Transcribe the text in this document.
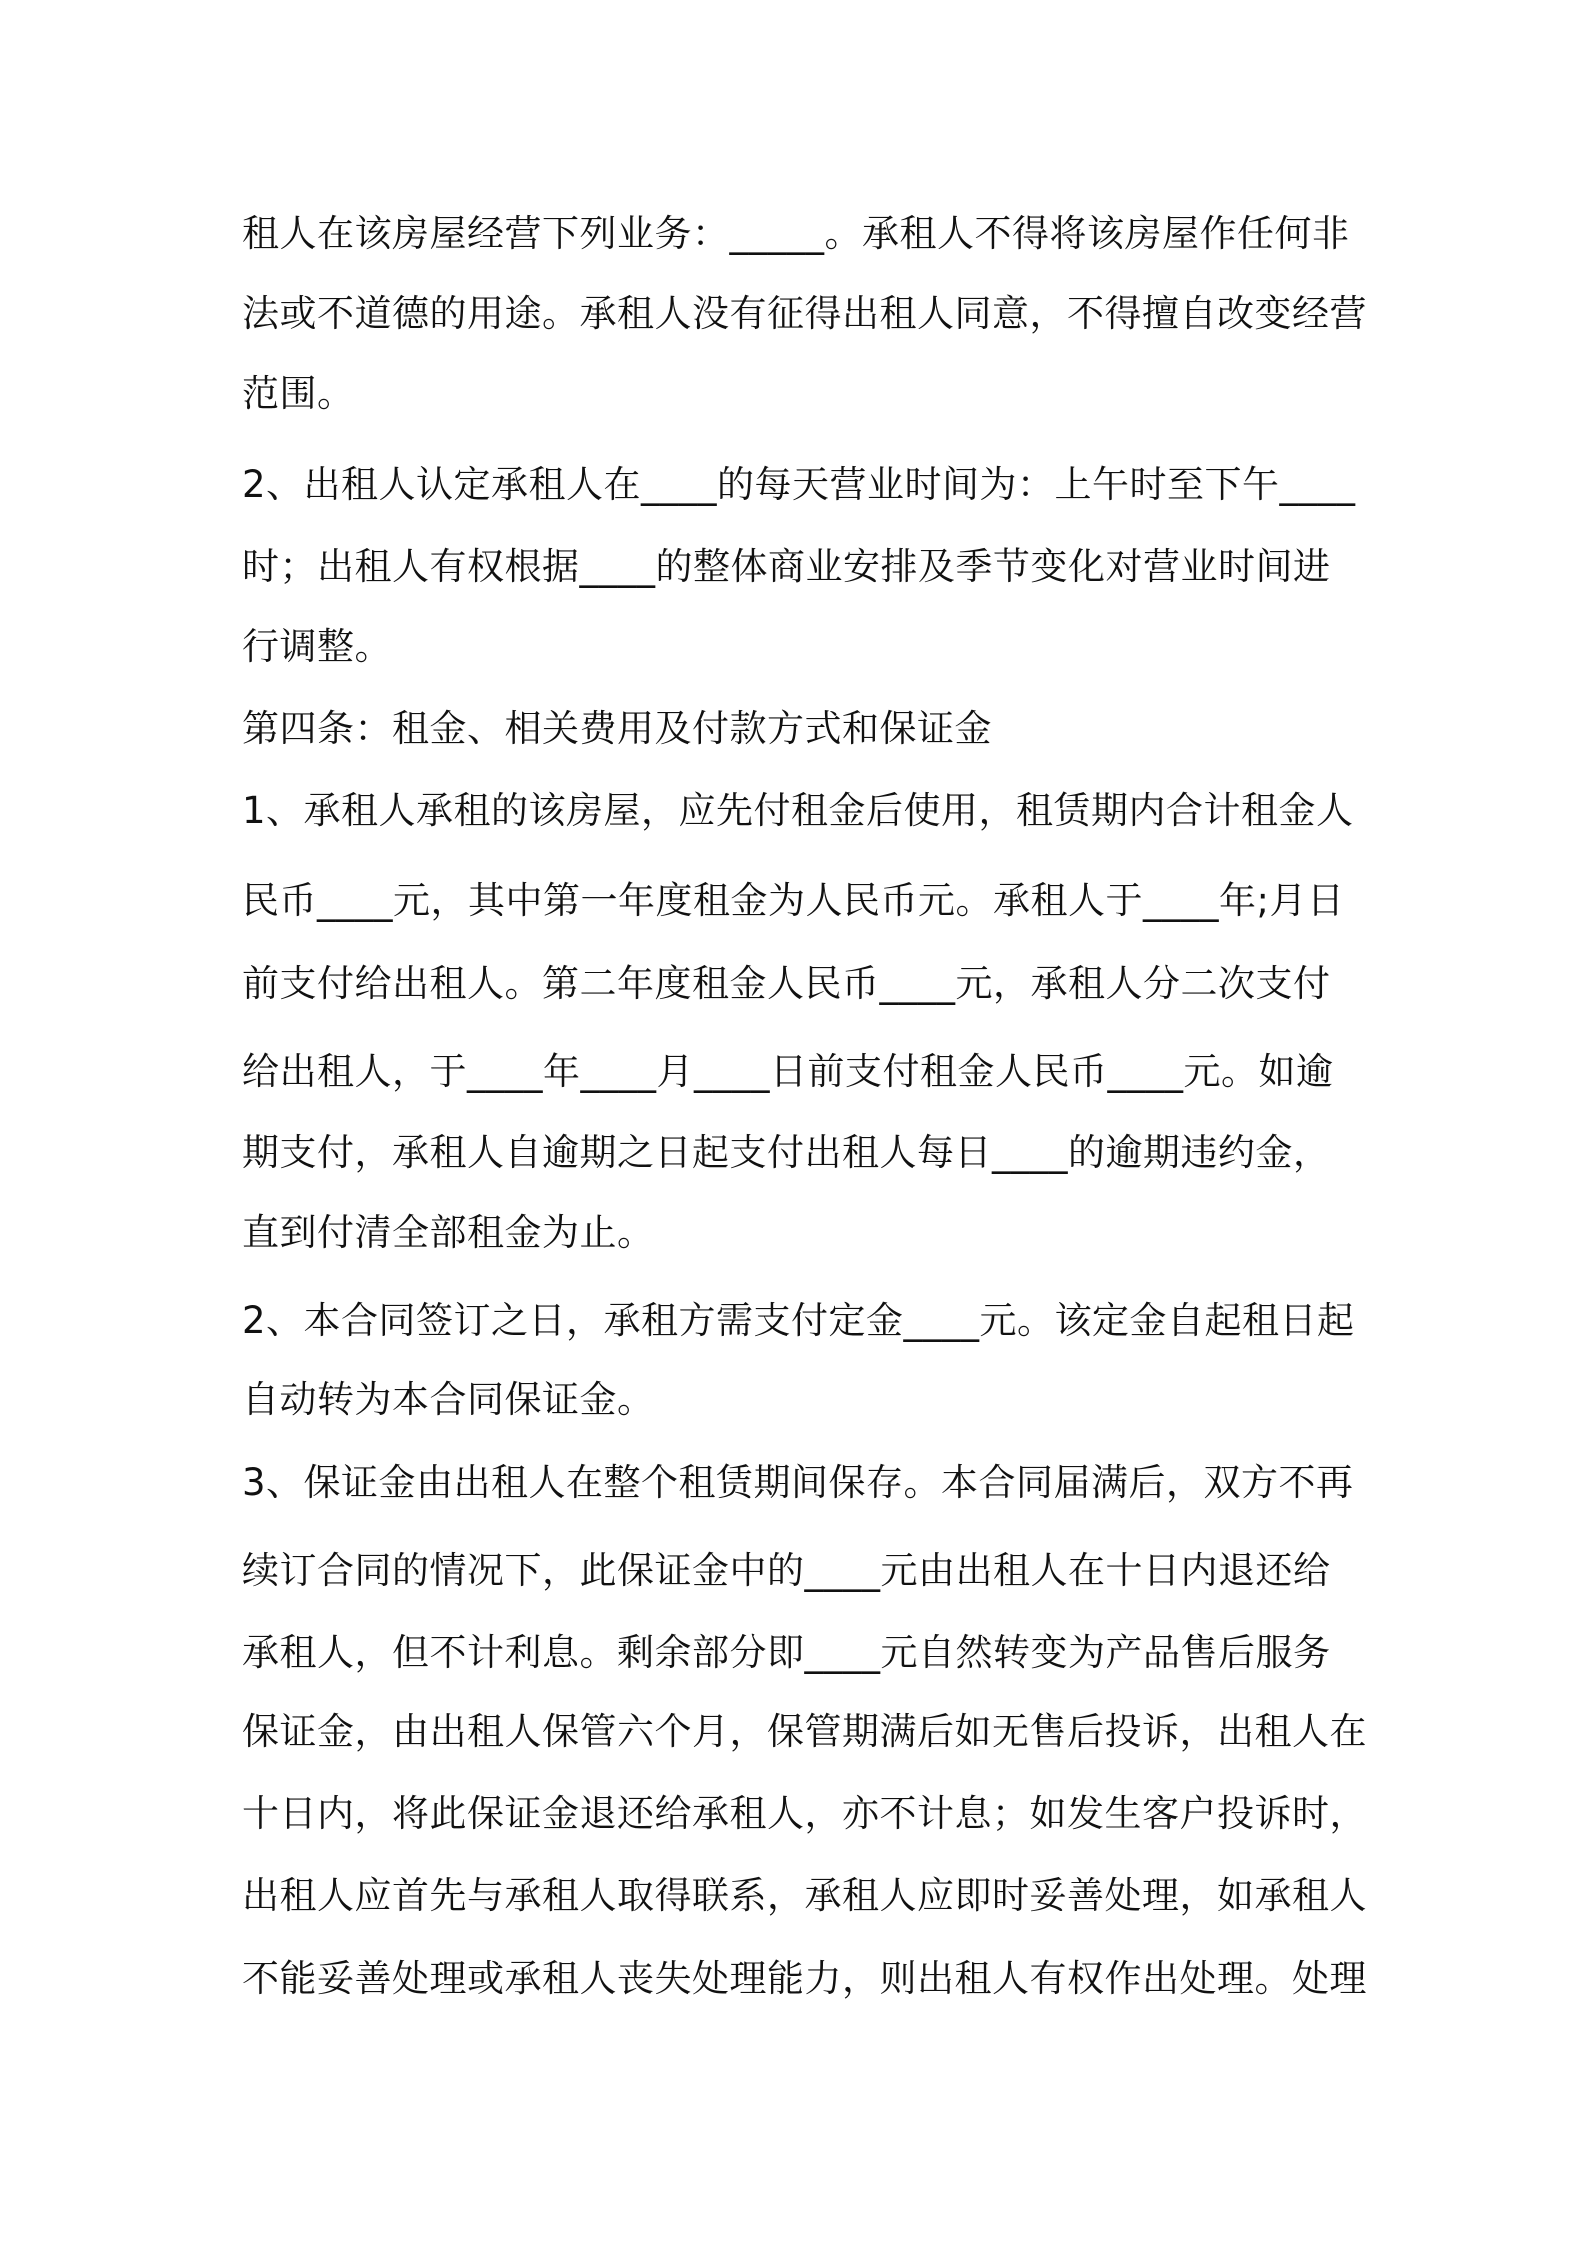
租人在该房屋经营下列业务：_____。承租人不得将该房屋作任何非
法或不道德的用途。承租人没有征得出租人同意，不得擅自改变经营
范围。
2、出租人认定承租人在____的每天营业时间为：上午时至下午____
时；出租人有权根据____的整体商业安排及季节变化对营业时间进
行调整。
第四条：租金、相关费用及付款方式和保证金
1、承租人承租的该房屋，应先付租金后使用，租赁期内合计租金人
民币____元，其中第一年度租金为人民币元。承租人于____年;月日
前支付给出租人。第二年度租金人民币____元，承租人分二次支付
给出租人，于____年____月____日前支付租金人民币____元。如逾
期支付，承租人自逾期之日起支付出租人每日____的逾期违约金，
直到付清全部租金为止。
2、本合同签订之日，承租方需支付定金____元。该定金自起租日起
自动转为本合同保证金。
3、保证金由出租人在整个租赁期间保存。本合同届满后，双方不再
续订合同的情况下，此保证金中的____元由出租人在十日内退还给
承租人，但不计利息。剩余部分即____元自然转变为产品售后服务
保证金，由出租人保管六个月，保管期满后如无售后投诉，出租人在
十日内，将此保证金退还给承租人，亦不计息；如发生客户投诉时，
出租人应首先与承租人取得联系，承租人应即时妥善处理，如承租人
不能妥善处理或承租人丧失处理能力，则出租人有权作出处理。处理
